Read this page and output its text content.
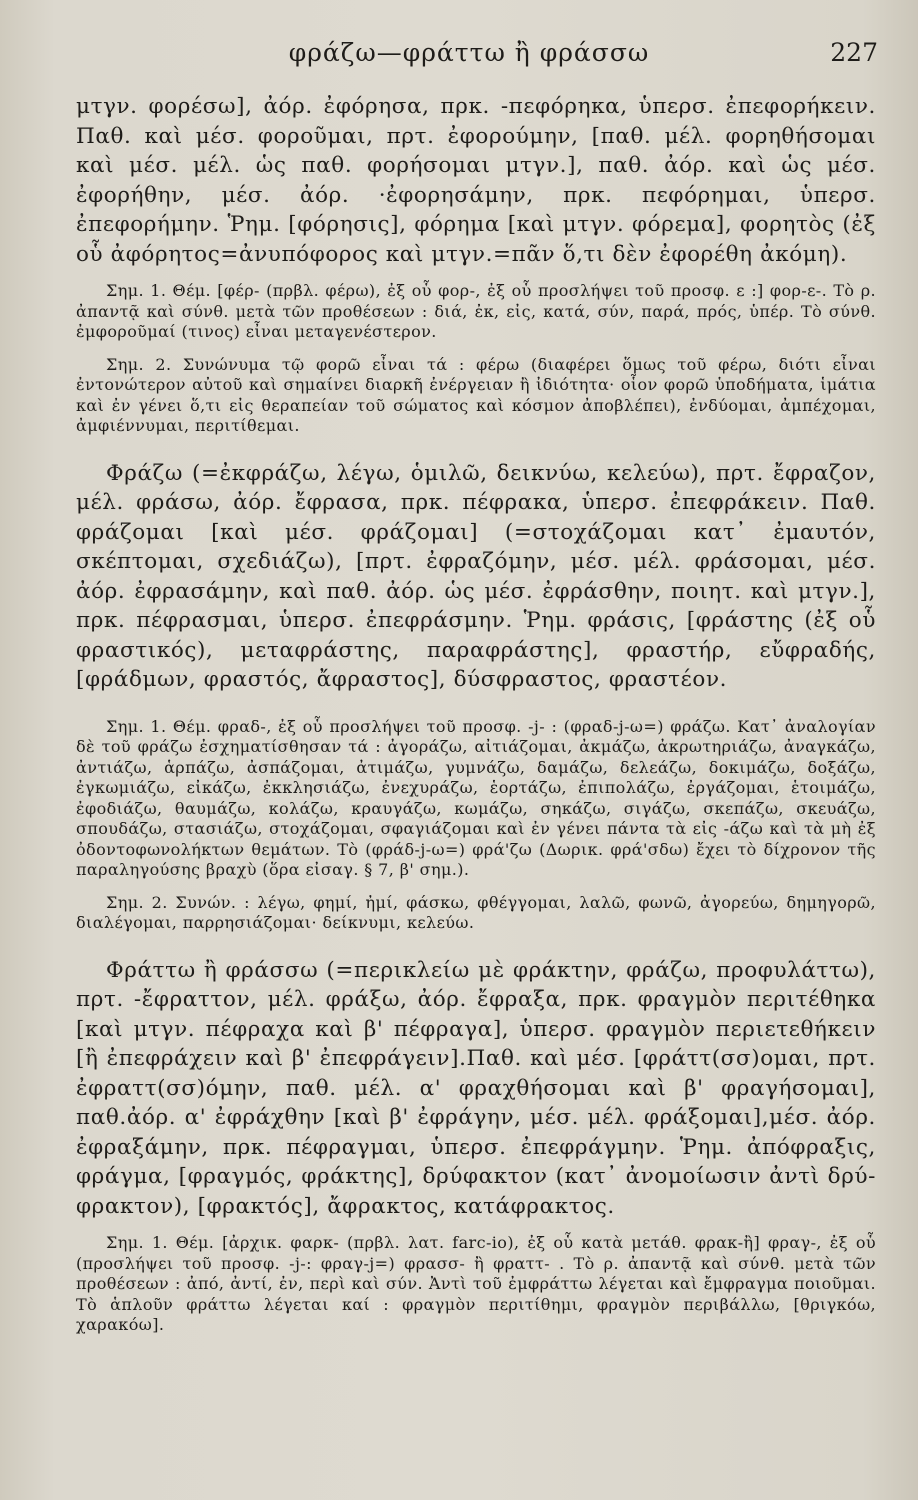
φράζω—φράττω ἢ φράσσω	227

μτγν. φορέσω], ἀόρ. ἐφόρησα, πρκ. -πεφόρηκα, ὑπερσ. ἐπεφορήκειν. Παθ. καὶ μέσ. φοροῦμαι, πρτ. ἐφορούμην, [παθ. μέλ. φορηθήσομαι καὶ μέσ. μέλ. ὡς παθ. φορήσομαι μτγν.], παθ. ἀόρ. καὶ ὡς μέσ. ἐφορήθην, μέσ. ἀόρ. ·ἐφορησάμην, πρκ. πεφόρημαι, ὑπερσ. ἐπεφορήμην. Ῥημ. [φόρησις], φόρημα [καὶ μτγν. φόρεμα], φορητὸς (ἐξ οὗ ἀφόρητος=ἀνυπόφορος καὶ μτγν.=πᾶν ὅ,τι δὲν ἐφορέθη ἀκόμη).

Σημ. 1. Θέμ. [φέρ- (πρβλ. φέρω), ἐξ οὗ φορ-, ἐξ οὗ προσλήψει τοῦ προσφ. ε :] φορ-ε-. Τὸ ρ. ἀπαντᾷ καὶ σύνθ. μετὰ τῶν προθέσεων : διά, ἐκ, εἰς, κατά, σύν, παρά, πρός, ὑπέρ. Τὸ σύνθ. ἐμφοροῦμαί (τινος) εἶναι μεταγενέστερον.

Σημ. 2. Συνώνυμα τῷ φορῶ εἶναι τά : φέρω (διαφέρει ὅμως τοῦ φέρω, διότι εἶναι ἐντονώτερον αὐτοῦ καὶ σημαίνει διαρκῆ ἐνέργειαν ἢ ἰδιότητα· οἷον φορῶ ὑποδήματα, ἱμάτια καὶ ἐν γένει ὅ,τι εἰς θεραπείαν τοῦ σώματος καὶ κόσμον ἀποβλέπει), ἐνδύομαι, ἀμπέχομαι, ἀμφιέννυμαι, περιτίθεμαι.

Φράζω (=ἐκφράζω, λέγω, ὁμιλῶ, δεικνύω, κελεύω), πρτ. ἔφραζον, μέλ. φράσω, ἀόρ. ἔφρασα, πρκ. πέφρακα, ὑπερσ. ἐπεφράκειν. Παθ. φράζομαι [καὶ μέσ. φράζομαι] (=στοχάζομαι κατ᾽ ἐμαυτόν, σκέπτομαι, σχεδιάζω), [πρτ. ἐφραζόμην, μέσ. μέλ. φράσομαι, μέσ. ἀόρ. ἐφρασάμην, καὶ παθ. ἀόρ. ὡς μέσ. ἐφράσθην, ποιητ. καὶ μτγν.], πρκ. πέφρασμαι, ὑπερσ. ἐπεφράσμην. Ῥημ. φράσις, [φράστης (ἐξ οὗ φραστικός), μεταφράστης, παραφράστης], φραστήρ, εὔφραδής, [φράδμων, φραστός, ἄφραστος], δύσφραστος, φραστέον.

Σημ. 1. Θέμ. φραδ-, ἐξ οὗ προσλήψει τοῦ προσφ. -j- : (φραδ-j-ω=) φράζω. Κατ᾽ ἀναλογίαν δὲ τοῦ φράζω ἐσχηματίσθησαν τά : ἀγοράζω, αἰτιάζομαι, ἀκμάζω, ἀκρωτηριάζω, ἀναγκάζω, ἀντιάζω, ἁρπάζω, ἀσπάζομαι, ἀτιμάζω, γυμνάζω, δαμάζω, δελεάζω, δοκιμάζω, δοξάζω, ἐγκωμιάζω, εἰκάζω, ἐκκλησιάζω, ἐνεχυράζω, ἑορτάζω, ἐπιπολάζω, ἐργάζομαι, ἑτοιμάζω, ἐφοδιάζω, θαυμάζω, κολάζω, κραυγάζω, κωμάζω, σηκάζω, σιγάζω, σκεπάζω, σκευάζω, σπουδάζω, στασιάζω, στοχάζομαι, σφαγιάζομαι καὶ ἐν γένει πάντα τὰ εἰς -άζω καὶ τὰ μὴ ἐξ ὀδοντοφωνολήκτων θεμάτων. Τὸ (φράδ-j-ω=) φρά'ζω (Δωρικ. φρά'σδω) ἔχει τὸ δίχρονον τῆς παραληγούσης βραχὺ (ὅρα εἰσαγ. § 7, β' σημ.).

Σημ. 2. Συνών. : λέγω, φημί, ἠμί, φάσκω, φθέγγομαι, λαλῶ, φωνῶ, ἀγορεύω, δημηγορῶ, διαλέγομαι, παρρησιάζομαι· δείκνυμι, κελεύω.

Φράττω ἢ φράσσω (=περικλείω μὲ φράκτην, φράζω, προφυλάττω), πρτ. -ἔφραττον, μέλ. φράξω, ἀόρ. ἔφραξα, πρκ. φραγμὸν περιτέθηκα [καὶ μτγν. πέφραχα καὶ β' πέφραγα], ὑπερσ. φραγμὸν περιετεθήκειν [ἢ ἐπεφράχειν καὶ β' ἐπεφράγειν].Παθ. καὶ μέσ. [φράττ(σσ)ομαι, πρτ. ἐφραττ(σσ)όμην, παθ. μέλ. α' φραχθήσομαι καὶ β' φραγήσομαι], παθ.ἀόρ. α' ἐφράχθην [καὶ β' ἐφράγην, μέσ. μέλ. φράξομαι],μέσ. ἀόρ. ἐφραξάμην, πρκ. πέφραγμαι, ὑπερσ. ἐπεφράγμην. Ῥημ. ἀπόφραξις, φράγμα, [φραγμός, φράκτης], δρύφακτον (κατ᾽ ἀνομοίωσιν ἀντὶ δρύ-φρακτον), [φρακτός], ἄφρακτος, κατάφρακτος.

Σημ. 1. Θέμ. [ἀρχικ. φαρκ- (πρβλ. λατ. farc-io), ἐξ οὗ κατὰ μετάθ. φρακ-ἢ] φραγ-, ἐξ οὗ (προσλήψει τοῦ προσφ. -j-: φραγ-j=) φρασσ- ἢ φραττ- . Τὸ ρ. ἀπαντᾷ καὶ σύνθ. μετὰ τῶν προθέσεων : ἀπό, ἀντί, ἐν, περὶ καὶ σύν. Ἀντὶ τοῦ ἐμφράττω λέγεται καὶ ἔμφραγμα ποιοῦμαι. Τὸ ἁπλοῦν φράττω λέγεται καί : φραγμὸν περιτίθημι, φραγμὸν περιβάλλω, [θριγκόω, χαρακόω].
